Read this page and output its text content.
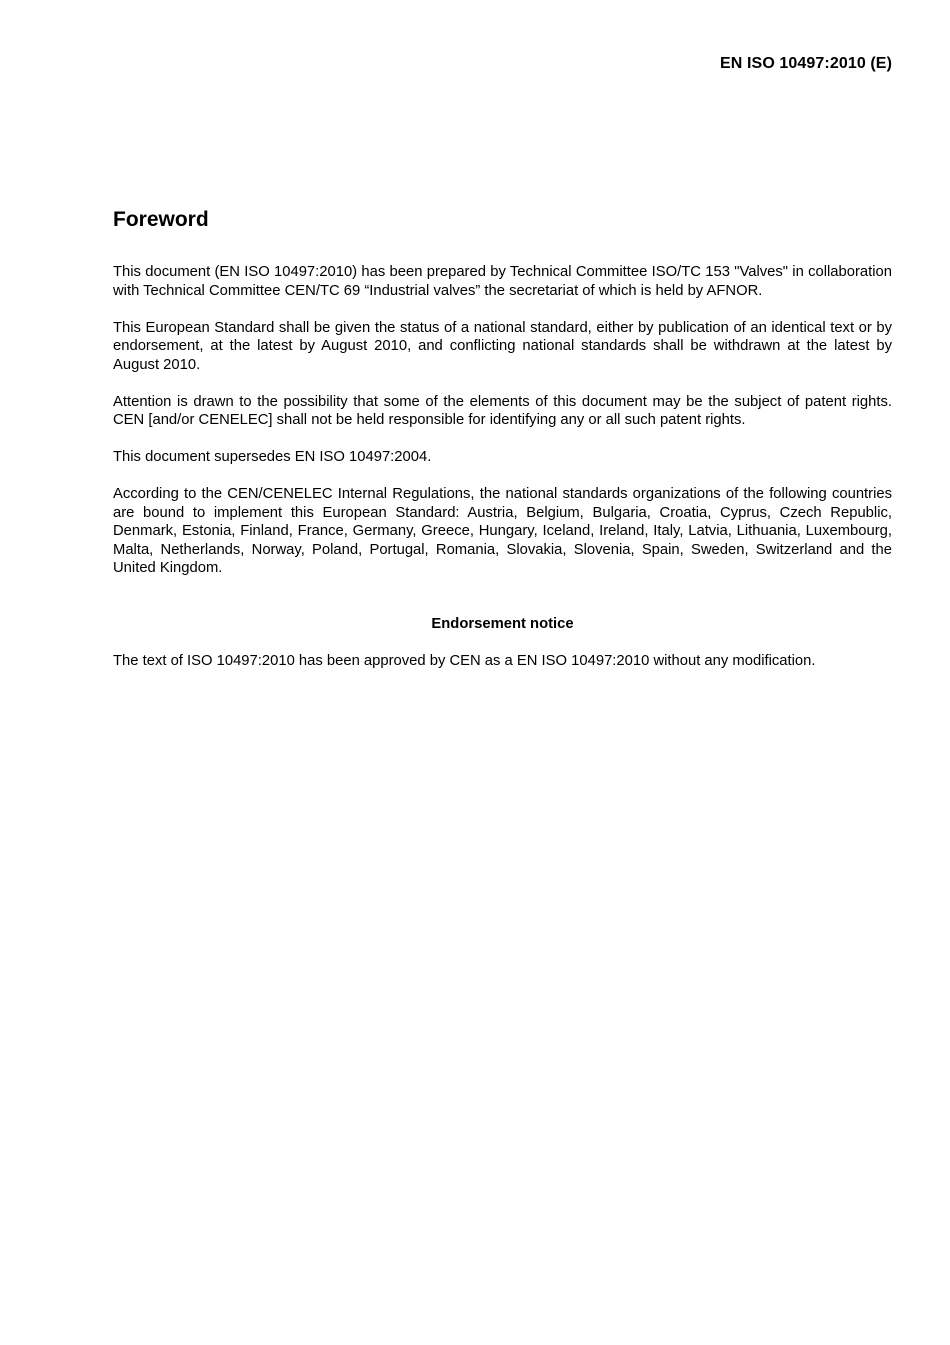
EN ISO 10497:2010 (E)
Foreword

This document (EN ISO 10497:2010) has been prepared by Technical Committee ISO/TC 153 "Valves" in collaboration with Technical Committee CEN/TC 69 “Industrial valves” the secretariat of which is held by AFNOR.

This European Standard shall be given the status of a national standard, either by publication of an identical text or by endorsement, at the latest by August 2010, and conflicting national standards shall be withdrawn at the latest by August 2010.

Attention is drawn to the possibility that some of the elements of this document may be the subject of patent rights. CEN [and/or CENELEC] shall not be held responsible for identifying any or all such patent rights.

This document supersedes EN ISO 10497:2004.

According to the CEN/CENELEC Internal Regulations, the national standards organizations of the following countries are bound to implement this European Standard: Austria, Belgium, Bulgaria, Croatia, Cyprus, Czech Republic, Denmark, Estonia, Finland, France, Germany, Greece, Hungary, Iceland, Ireland, Italy, Latvia, Lithuania, Luxembourg, Malta, Netherlands, Norway, Poland, Portugal, Romania, Slovakia, Slovenia, Spain, Sweden, Switzerland and the United Kingdom.

Endorsement notice

The text of ISO 10497:2010 has been approved by CEN as a EN ISO 10497:2010 without any modification.
